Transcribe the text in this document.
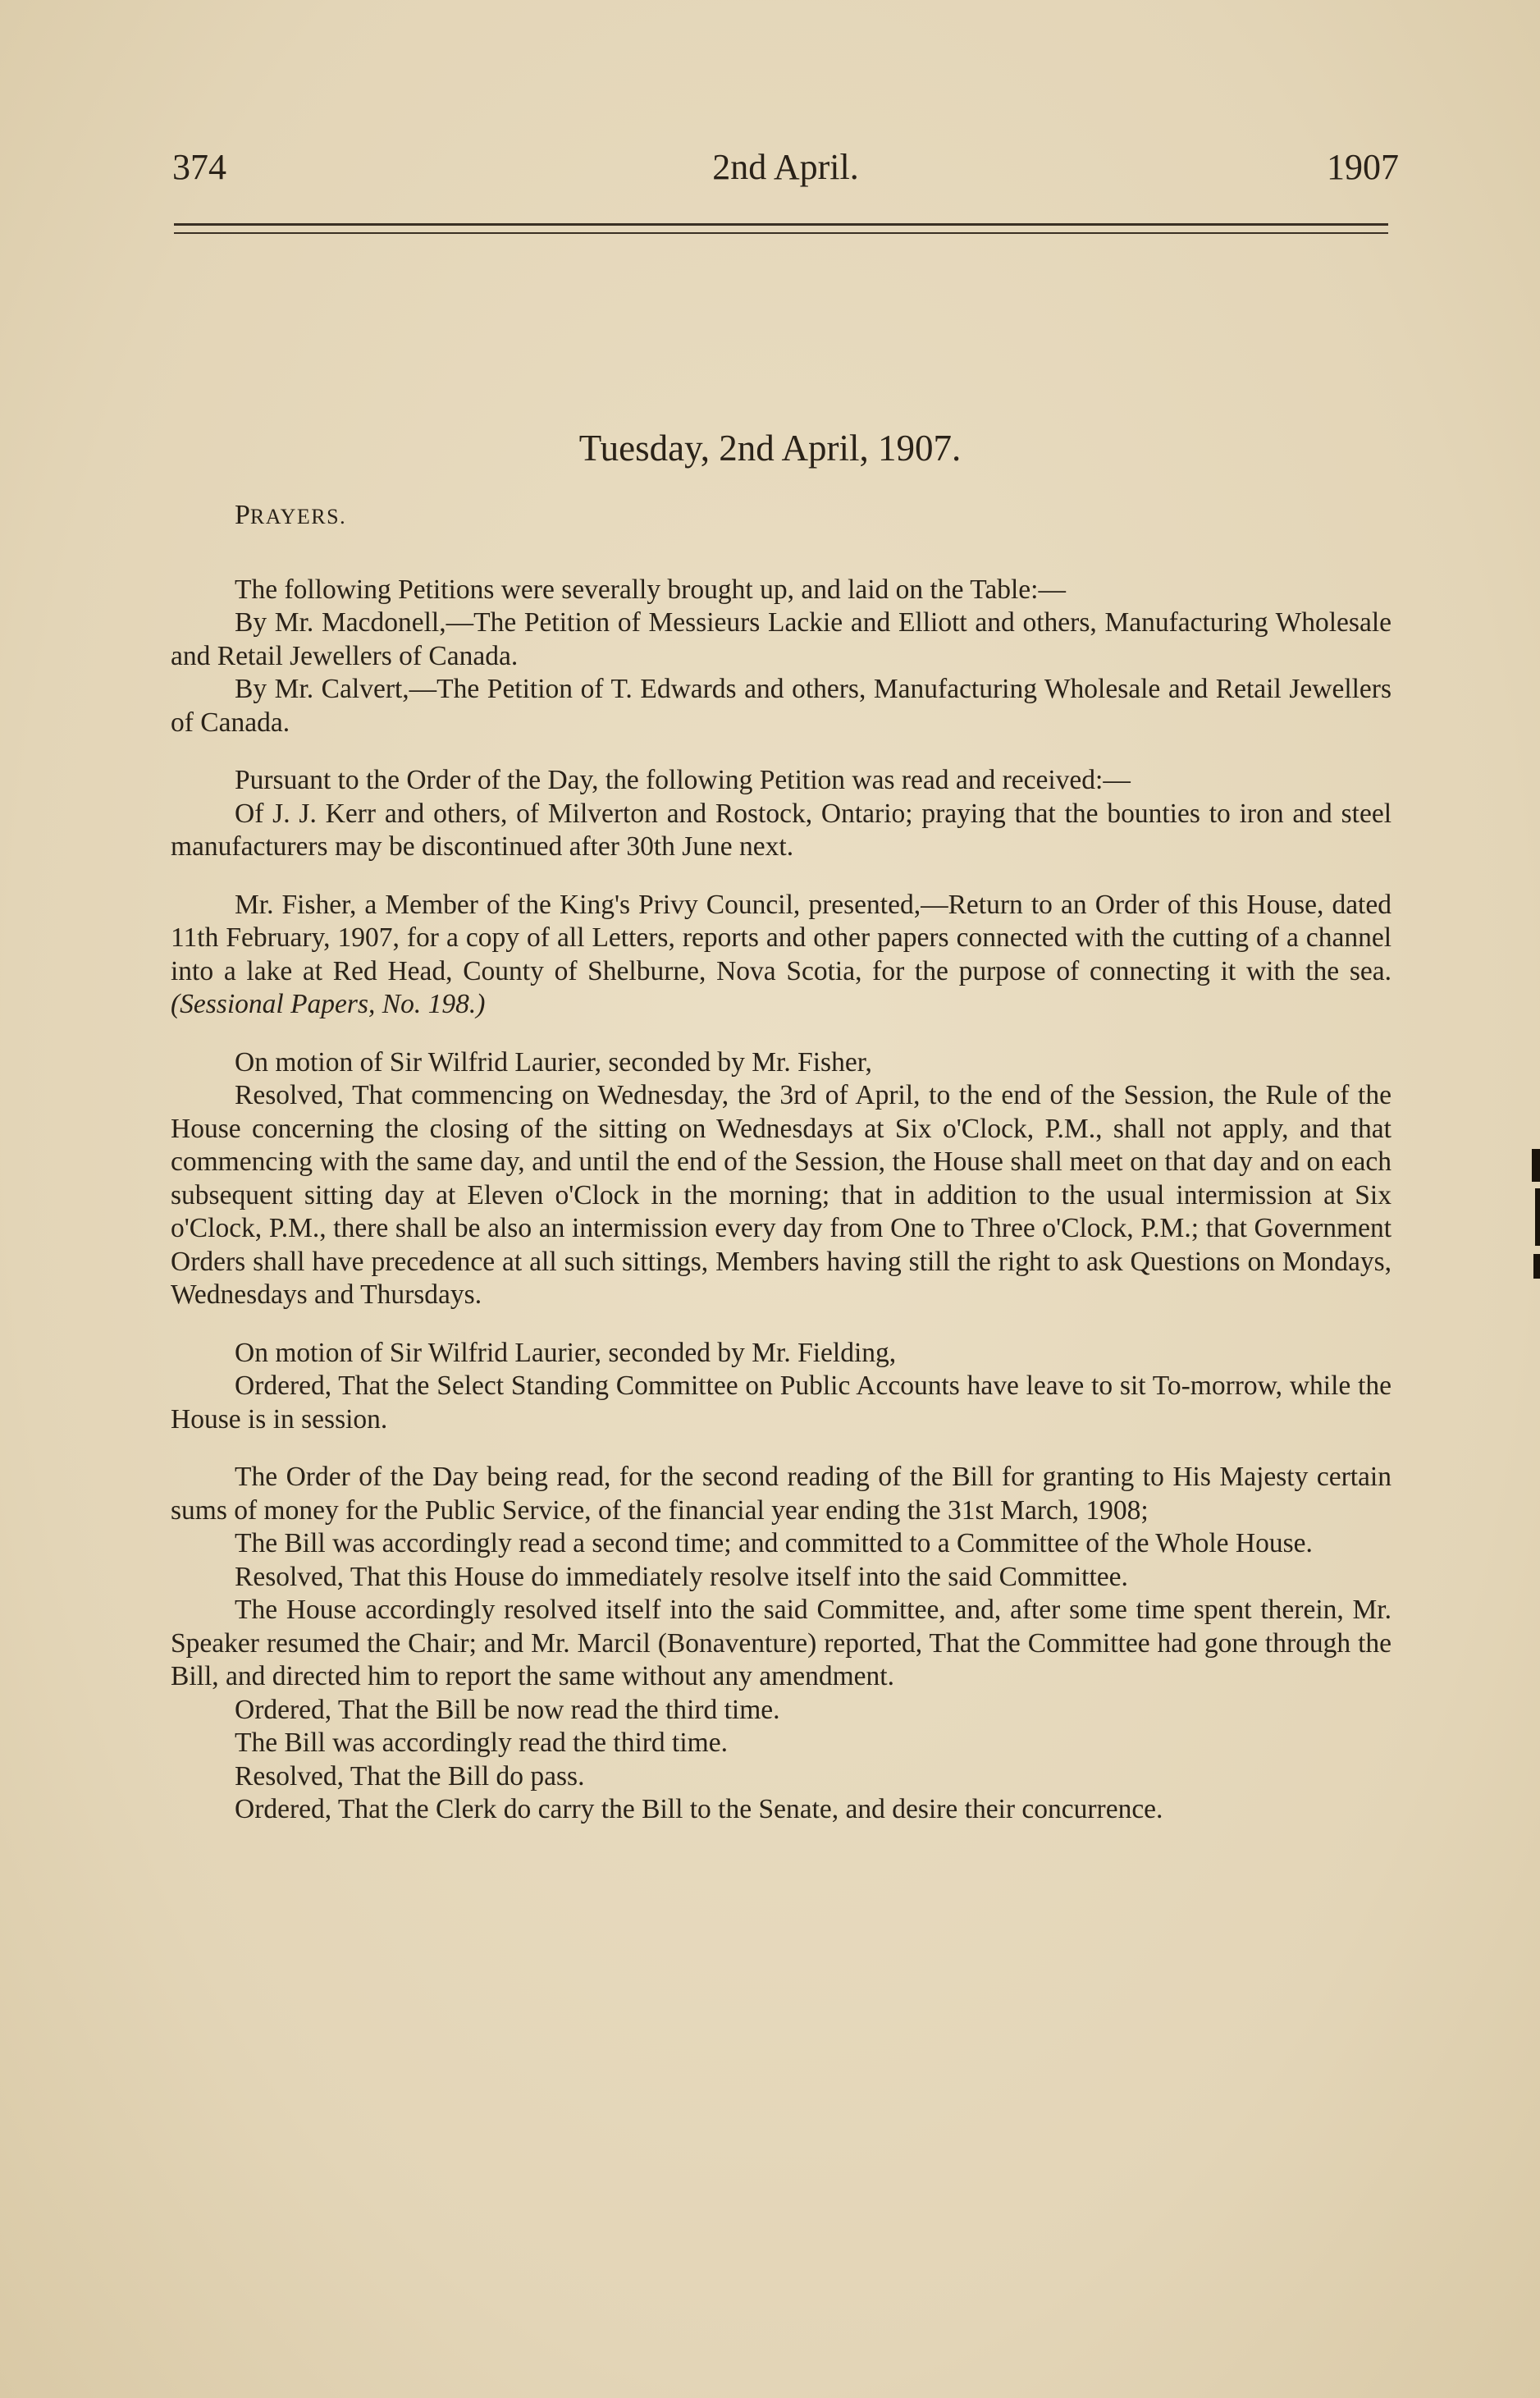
374	2nd April.	1907
Tuesday, 2nd April, 1907.
PRAYERS.

The following Petitions were severally brought up, and laid on the Table:—

By Mr. Macdonell,—The Petition of Messieurs Lackie and Elliott and others, Manufacturing Wholesale and Retail Jewellers of Canada.

By Mr. Calvert,—The Petition of T. Edwards and others, Manufacturing Wholesale and Retail Jewellers of Canada.

Pursuant to the Order of the Day, the following Petition was read and received:—

Of J. J. Kerr and others, of Milverton and Rostock, Ontario; praying that the bounties to iron and steel manufacturers may be discontinued after 30th June next.

Mr. Fisher, a Member of the King's Privy Council, presented,—Return to an Order of this House, dated 11th February, 1907, for a copy of all Letters, reports and other papers connected with the cutting of a channel into a lake at Red Head, County of Shelburne, Nova Scotia, for the purpose of connecting it with the sea. (Sessional Papers, No. 198.)

On motion of Sir Wilfrid Laurier, seconded by Mr. Fisher,

Resolved, That commencing on Wednesday, the 3rd of April, to the end of the Session, the Rule of the House concerning the closing of the sitting on Wednesdays at Six o'Clock, P.M., shall not apply, and that commencing with the same day, and until the end of the Session, the House shall meet on that day and on each subsequent sitting day at Eleven o'Clock in the morning; that in addition to the usual intermission at Six o'Clock, P.M., there shall be also an intermission every day from One to Three o'Clock, P.M.; that Government Orders shall have precedence at all such sittings, Members having still the right to ask Questions on Mondays, Wednesdays and Thursdays.

On motion of Sir Wilfrid Laurier, seconded by Mr. Fielding,

Ordered, That the Select Standing Committee on Public Accounts have leave to sit To-morrow, while the House is in session.

The Order of the Day being read, for the second reading of the Bill for granting to His Majesty certain sums of money for the Public Service, of the financial year ending the 31st March, 1908;

The Bill was accordingly read a second time; and committed to a Committee of the Whole House.

Resolved, That this House do immediately resolve itself into the said Committee.

The House accordingly resolved itself into the said Committee, and, after some time spent therein, Mr. Speaker resumed the Chair; and Mr. Marcil (Bonaventure) reported, That the Committee had gone through the Bill, and directed him to report the same without any amendment.

Ordered, That the Bill be now read the third time.

The Bill was accordingly read the third time.

Resolved, That the Bill do pass.

Ordered, That the Clerk do carry the Bill to the Senate, and desire their concurrence.
